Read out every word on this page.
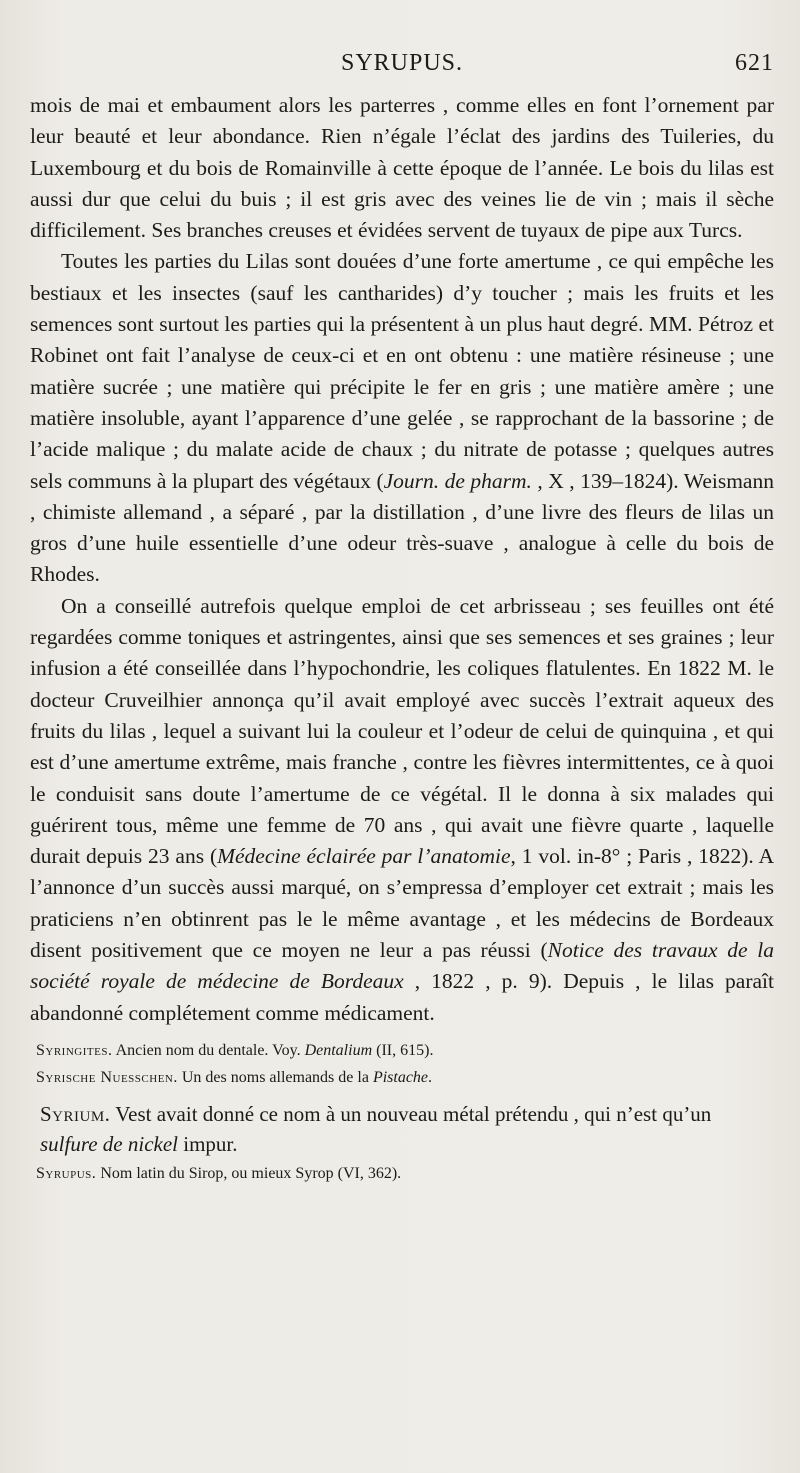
SYRUPUS.	621

mois de mai et embaument alors les parterres , comme elles en font l’ornement par leur beauté et leur abondance. Rien n’égale l’éclat des jardins des Tuileries, du Luxembourg et du bois de Romainville à cette époque de l’année. Le bois du lilas est aussi dur que celui du buis ; il est gris avec des veines lie de vin ; mais il sèche difficilement. Ses branches creuses et évidées servent de tuyaux de pipe aux Turcs.

Toutes les parties du Lilas sont douées d’une forte amertume , ce qui empêche les bestiaux et les insectes (sauf les cantharides) d’y toucher ; mais les fruits et les semences sont surtout les parties qui la présentent à un plus haut degré. MM. Pétroz et Robinet ont fait l’analyse de ceux-ci et en ont obtenu : une matière résineuse ; une matière sucrée ; une matière qui précipite le fer en gris ; une matière amère ; une matière insoluble, ayant l’apparence d’une gelée , se rapprochant de la bassorine ; de l’acide malique ; du malate acide de chaux ; du nitrate de potasse ; quelques autres sels communs à la plupart des végétaux (Journ. de pharm. , X , 139–1824). Weismann , chimiste allemand , a séparé , par la distillation , d’une livre des fleurs de lilas un gros d’une huile essentielle d’une odeur très-suave , analogue à celle du bois de Rhodes.

On a conseillé autrefois quelque emploi de cet arbrisseau ; ses feuilles ont été regardées comme toniques et astringentes, ainsi que ses semences et ses graines ; leur infusion a été conseillée dans l’hypochondrie, les coliques flatulentes. En 1822 M. le docteur Cruveilhier annonça qu’il avait employé avec succès l’extrait aqueux des fruits du lilas , lequel a suivant lui la couleur et l’odeur de celui de quinquina , et qui est d’une amertume extrême, mais franche , contre les fièvres intermittentes, ce à quoi le conduisit sans doute l’amertume de ce végétal. Il le donna à six malades qui guérirent tous, même une femme de 70 ans , qui avait une fièvre quarte , laquelle durait depuis 23 ans (Médecine éclairée par l’anatomie, 1 vol. in-8° ; Paris , 1822). A l’annonce d’un succès aussi marqué, on s’empressa d’employer cet extrait ; mais les praticiens n’en obtinrent pas le le même avantage , et les médecins de Bordeaux disent positivement que ce moyen ne leur a pas réussi (Notice des travaux de la société royale de médecine de Bordeaux , 1822 , p. 9). Depuis , le lilas paraît abandonné complétement comme médicament.

Syringites. Ancien nom du dentale. Voy. Dentalium (II, 615).

Syrische Nuesschen. Un des noms allemands de la Pistache.

Syrium. Vest avait donné ce nom à un nouveau métal prétendu , qui n’est qu’un sulfure de nickel impur.

Syrupus. Nom latin du Sirop, ou mieux Syrop (VI, 362).
